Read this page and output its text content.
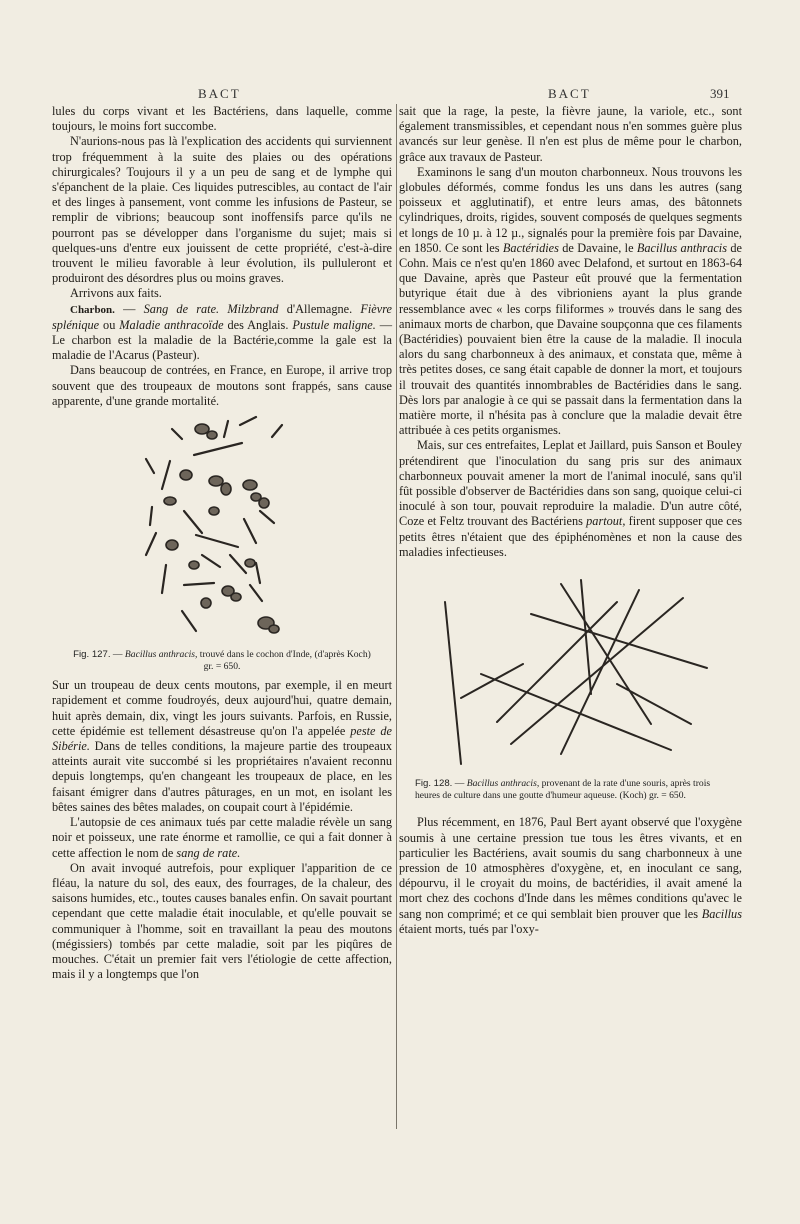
BACT	BACT	391

lules du corps vivant et les Bactériens, dans laquelle, comme toujours, le moins fort succombe.

N'aurions-nous pas là l'explication des accidents qui surviennent trop fréquemment à la suite des plaies ou des opérations chirurgicales? Toujours il y a un peu de sang et de lymphe qui s'épanchent de la plaie. Ces liquides putrescibles, au contact de l'air et des linges à pansement, vont comme les infusions de Pasteur, se remplir de vibrions; beaucoup sont inoffensifs parce qu'ils ne pourront pas se développer dans l'organisme du sujet; mais si quelques-uns d'entre eux jouissent de cette propriété, c'est-à-dire trouvent le milieu favorable à leur évolution, ils pulluleront et produiront des désordres plus ou moins graves.

Arrivons aux faits.

Charbon. — Sang de rate. Milzbrand d'Allemagne. Fièvre splénique ou Maladie anthracoïde des Anglais. Pustule maligne. —Le charbon est la maladie de la Bactérie,comme la gale est la maladie de l'Acarus (Pasteur).

Dans beaucoup de contrées, en France, en Europe, il arrive trop souvent que des troupeaux de moutons sont frappés, sans cause apparente, d'une grande mortalité.

Fig. 127. — Bacillus anthracis, trouvé dans le cochon d'Inde, (d'après Koch) gr. = 650.

Sur un troupeau de deux cents moutons, par exemple, il en meurt rapidement et comme foudroyés, deux aujourd'hui, quatre demain, huit après demain, dix, vingt les jours suivants. Parfois, en Russie, cette épidémie est tellement désastreuse qu'on l'a appelée peste de Sibérie. Dans de telles conditions, la majeure partie des troupeaux atteints aurait vite succombé si les propriétaires n'avaient reconnu depuis longtemps, qu'en changeant les troupeaux de place, en les faisant émigrer dans d'autres pâturages, en un mot, en isolant les bêtes saines des bêtes malades, on coupait court à l'épidémie.

L'autopsie de ces animaux tués par cette maladie révèle un sang noir et poisseux, une rate énorme et ramollie, ce qui a fait donner à cette affection le nom de sang de rate.

On avait invoqué autrefois, pour expliquer l'apparition de ce fléau, la nature du sol, des eaux, des fourrages, de la chaleur, des saisons humides, etc., toutes causes banales enfin. On savait pourtant cependant que cette maladie était inoculable, et qu'elle pouvait se communiquer à l'homme, soit en travaillant la peau des moutons (mégissiers) tombés par cette maladie, soit par les piqûres de mouches. C'était un premier fait vers l'étiologie de cette affection, mais il y a longtemps que l'on

sait que la rage, la peste, la fièvre jaune, la variole, etc., sont également transmissibles, et cependant nous n'en sommes guère plus avancés sur leur genèse. Il n'en est plus de même pour le charbon, grâce aux travaux de Pasteur.

Examinons le sang d'un mouton charbonneux. Nous trouvons les globules déformés, comme fondus les uns dans les autres (sang poisseux et agglutinatif), et entre leurs amas, des bâtonnets cylindriques, droits, rigides, souvent composés de quelques segments et longs de 10 µ. à 12 µ., signalés pour la première fois par Davaine, en 1850. Ce sont les Bactéridies de Davaine, le Bacillus anthracis de Cohn. Mais ce n'est qu'en 1860 avec Delafond, et surtout en 1863-64 que Davaine, après que Pasteur eût prouvé que la fermentation butyrique était due à des vibrioniens ayant la plus grande ressemblance avec « les corps filiformes » trouvés dans le sang des animaux morts de charbon, que Davaine soupçonna que ces filaments (Bactéridies) pouvaient bien être la cause de la maladie. Il inocula alors du sang charbonneux à des animaux, et constata que, même à très petites doses, ce sang était capable de donner la mort, et toujours il trouvait des quantités innombrables de Bactéridies dans le sang. Dès lors par analogie à ce qui se passait dans la fermentation dans la matière morte, il n'hésita pas à conclure que la maladie devait être attribuée à ces petits organismes.

Mais, sur ces entrefaites, Leplat et Jaillard, puis Sanson et Bouley prétendirent que l'inoculation du sang pris sur des animaux charbonneux pouvait amener la mort de l'animal inoculé, sans qu'il fût possible d'observer de Bactéridies dans son sang, quoique celui-ci inoculé à son tour, pouvait reproduire la maladie. D'un autre côté, Coze et Feltz trouvant des Bactériens partout, firent supposer que ces petits êtres n'étaient que des épiphénomènes et non la cause des maladies infectieuses.

Fig. 128. — Bacillus anthracis, provenant de la rate d'une souris, après trois heures de culture dans une goutte d'humeur aqueuse. (Koch) gr. = 650.

Plus récemment, en 1876, Paul Bert ayant observé que l'oxygène soumis à une certaine pression tue tous les êtres vivants, et en particulier les Bactériens, avait soumis du sang charbonneux à une pression de 10 atmosphères d'oxygène, et, en inoculant ce sang, dépourvu, il le croyait du moins, de bactéridies, il avait amené la mort chez des cochons d'Inde dans les mêmes conditions qu'avec le sang non comprimé; et ce qui semblait bien prouver que les Bacillus étaient morts, tués par l'oxy-
